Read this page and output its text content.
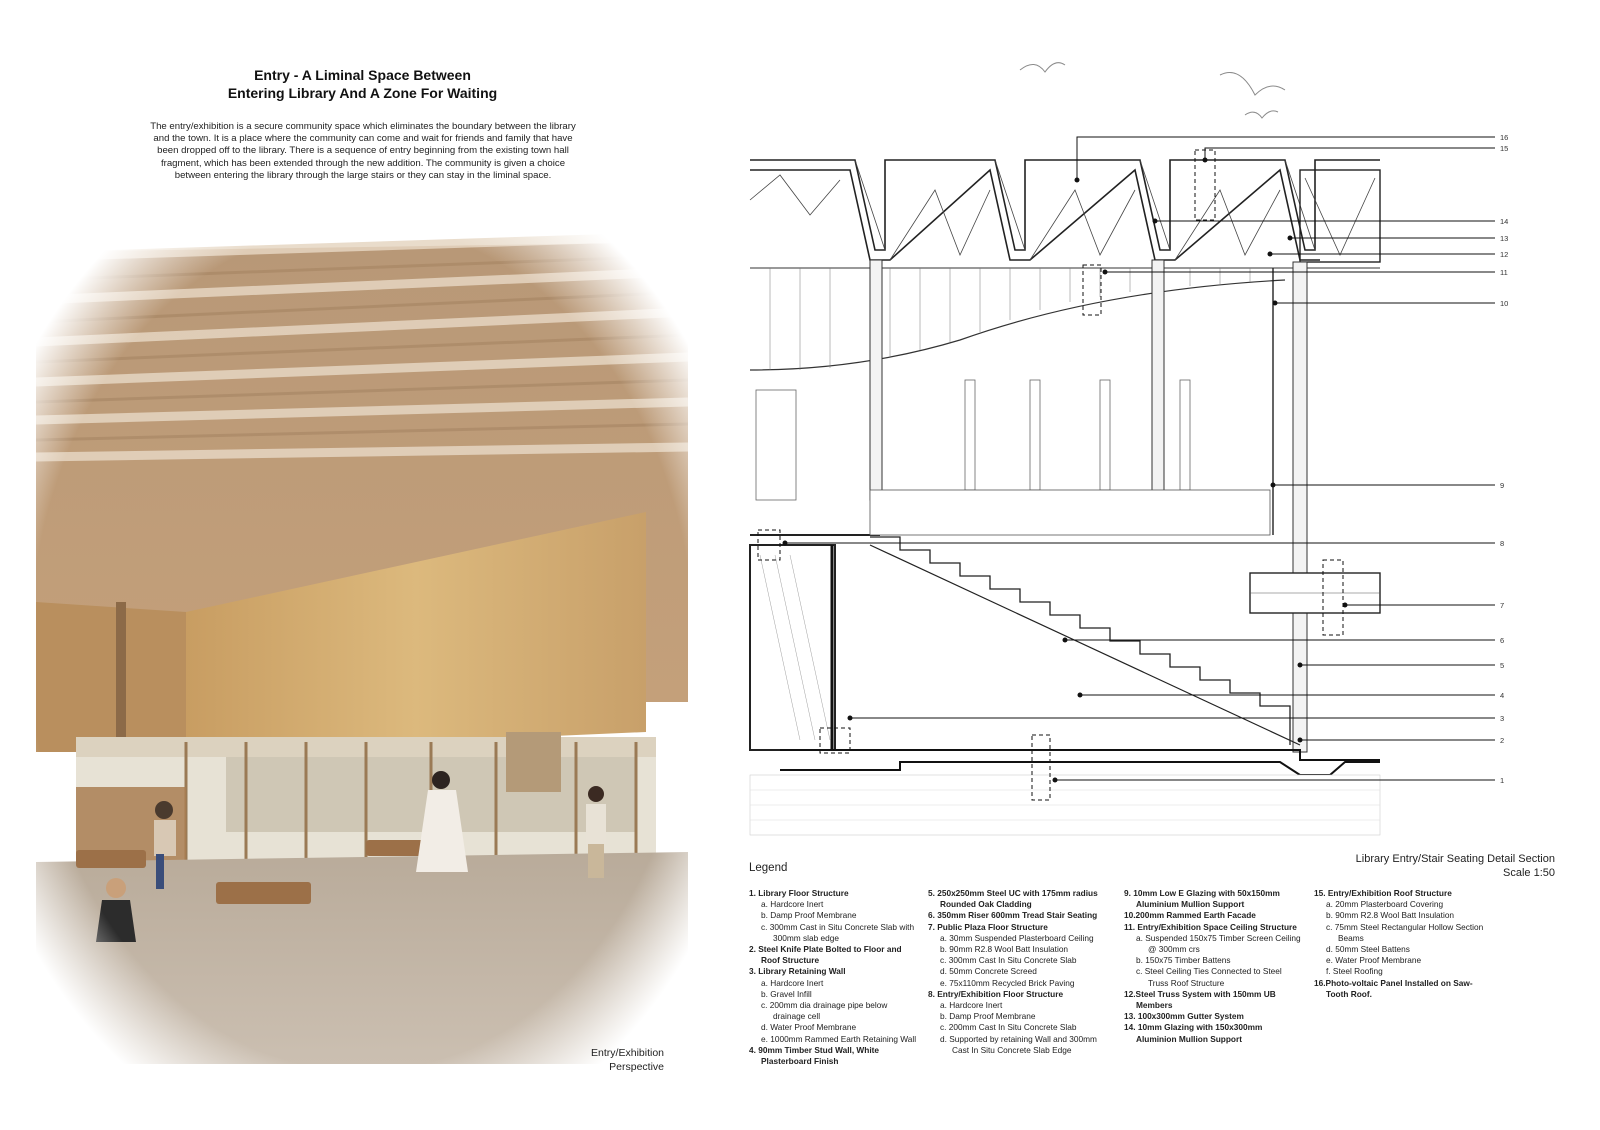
Entry - A Liminal Space Between
Entering Library And A Zone For Waiting
The entry/exhibition is a secure community space which eliminates the boundary between the library and the town. It is a place where the community can come and wait for friends and family that have been dropped off to the library. There is a sequence of entry beginning from the existing town hall fragment, which has been extended through the new addition. The community is given a choice between entering the library through the large stairs or they can stay in the liminal space.
Entry/Exhibition
Perspective
16
15
14
13
12
11
10
9
8
7
6
5
4
3
2
1
Library Entry/Stair Seating Detail Section
Scale 1:50
Legend
1. Library Floor Structure
a. Hardcore Inert
b. Damp Proof Membrane
c. 300mm Cast in Situ Concrete Slab with 300mm slab edge
2. Steel Knife Plate Bolted to Floor and Roof Structure
3. Library Retaining Wall
a. Hardcore Inert
b. Gravel Infill
c. 200mm dia drainage pipe below drainage cell
d. Water Proof Membrane
e. 1000mm Rammed Earth Retaining Wall
4. 90mm Timber Stud Wall, White Plasterboard Finish
5. 250x250mm Steel UC with 175mm radius Rounded Oak Cladding
6. 350mm Riser 600mm Tread Stair Seating
7. Public Plaza Floor Structure
a. 30mm Suspended Plasterboard Ceiling
b. 90mm R2.8 Wool Batt Insulation
c. 300mm Cast In Situ Concrete Slab
d. 50mm Concrete Screed
e. 75x110mm Recycled Brick Paving
8. Entry/Exhibition Floor Structure
a. Hardcore Inert
b. Damp Proof Membrane
c. 200mm Cast In Situ Concrete Slab
d. Supported by retaining Wall and 300mm Cast In Situ Concrete Slab Edge
9. 10mm Low E Glazing with 50x150mm Aluminium Mullion Support
10.200mm Rammed Earth Facade
11. Entry/Exhibition Space Ceiling Structure
a. Suspended 150x75 Timber Screen Ceiling @ 300mm crs
b. 150x75 Timber Battens
c. Steel Ceiling Ties Connected to Steel Truss Roof Structure
12.Steel Truss System with 150mm UB Members
13. 100x300mm Gutter System
14. 10mm Glazing with 150x300mm Aluminion Mullion Support
15. Entry/Exhibition Roof Structure
a. 20mm Plasterboard Covering
b. 90mm R2.8 Wool Batt Insulation
c. 75mm Steel Rectangular Hollow Section Beams
d. 50mm Steel Battens
e. Water Proof Membrane
f. Steel Roofing
16.Photo-voltaic Panel Installed on Saw-Tooth Roof.
